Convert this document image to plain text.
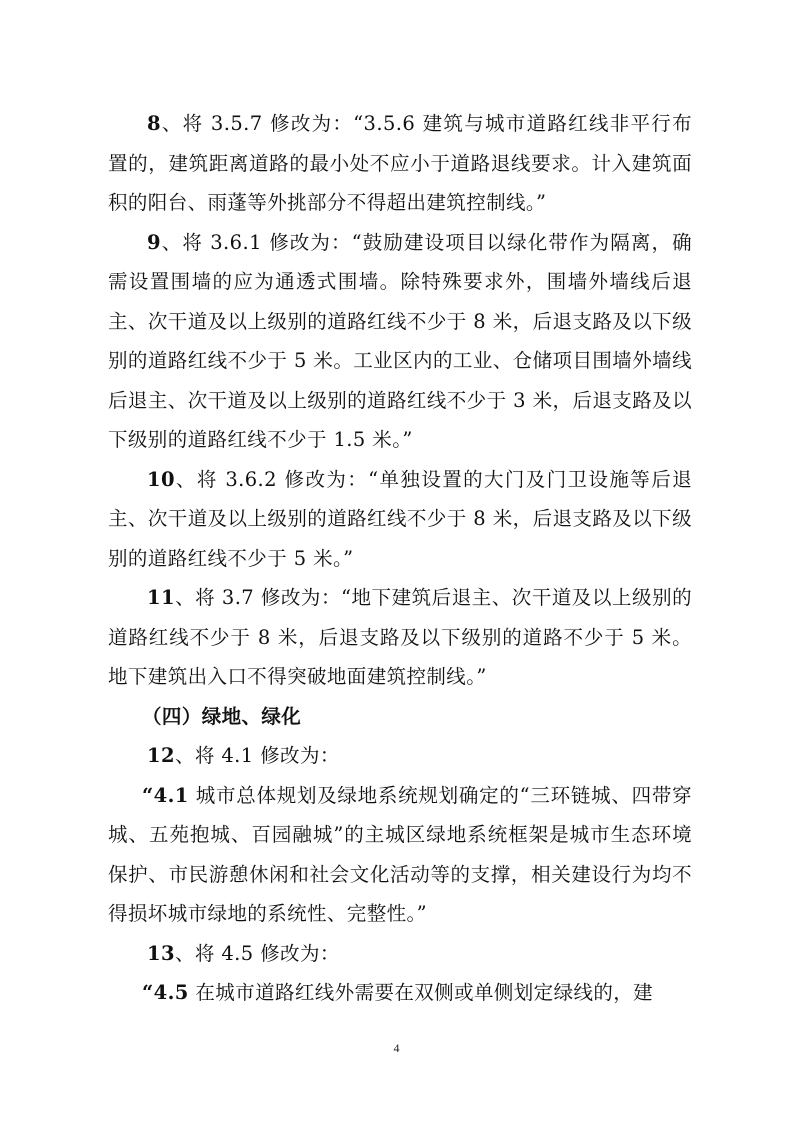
8、将 3.5.7 修改为：“3.5.6 建筑与城市道路红线非平行布置的，建筑距离道路的最小处不应小于道路退线要求。计入建筑面积的阳台、雨蓬等外挑部分不得超出建筑控制线。”

9、将 3.6.1 修改为：“鼓励建设项目以绿化带作为隔离，确需设置围墙的应为通透式围墙。除特殊要求外，围墙外墙线后退主、次干道及以上级别的道路红线不少于 8 米，后退支路及以下级别的道路红线不少于 5 米。工业区内的工业、仓储项目围墙外墙线后退主、次干道及以上级别的道路红线不少于 3 米，后退支路及以下级别的道路红线不少于 1.5 米。”

10、将 3.6.2 修改为：“单独设置的大门及门卫设施等后退主、次干道及以上级别的道路红线不少于 8 米，后退支路及以下级别的道路红线不少于 5 米。”

11、将 3.7 修改为：“地下建筑后退主、次干道及以上级别的道路红线不少于 8 米，后退支路及以下级别的道路不少于 5 米。地下建筑出入口不得突破地面建筑控制线。”

（四）绿地、绿化

12、将 4.1 修改为：

“4.1 城市总体规划及绿地系统规划确定的“三环链城、四带穿城、五苑抱城、百园融城”的主城区绿地系统框架是城市生态环境保护、市民游憩休闲和社会文化活动等的支撑，相关建设行为均不得损坏城市绿地的系统性、完整性。”

13、将 4.5 修改为：

“4.5 在城市道路红线外需要在双侧或单侧划定绿线的，建

4
